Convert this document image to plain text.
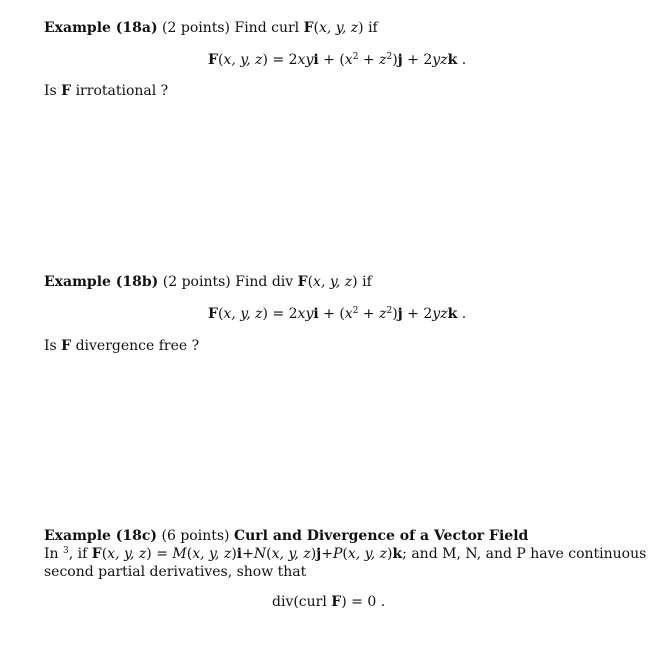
Example (18a) (2 points) Find curl F(x, y, z) if
F(x, y, $z) = 2xyi + (x^2 + z^2)j + 2yzk$ .
Is F irrotational ?
Example (18b) (2 points) Find div F(x, y, z) if
F(x, y, $z) = 2xyi + (x^2 + z^2)j + 2yzk$ .
Is F divergence free ?
Example (18c) (6 points) Curl and Divergence of a Vector Field
In $^3$, if F(x, y, z) = M(x, y, z)i+N(x, y, z)j+P(x, y, z)k; and M, N, and P have continuous
second partial derivatives, show that
div(curl F) = 0 .
